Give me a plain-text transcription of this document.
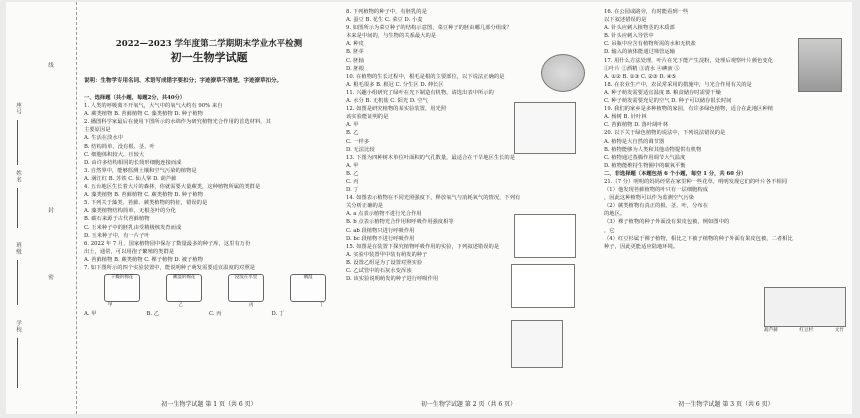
线
座号
姓名
封
班级
密
学校
2022—2023 学年度第二学期期末学业水平检测
初一生物学试题
说明：生物学专用名词、术语写成错字要扣分；字迹潦草不清楚，字迹潦草扣分。

一、选择题（共小题，每题2分，共40分）

1. 人类的呼吸离不开氧气，大气中的氧气大约有 90% 来自

A. 蕨类植物 B. 苔藓植物 C. 藻类植物 D. 种子植物

2. 播图科学家最后在使用下图所示的水绵作为研究植物光合作用的首选材料，其

主要原因是

A. 生活在淡水中

B. 结构简单，没有根、茎、叶

C. 细胞体积较大，且较大

D. 由许多结构相同的长筒形细胞连接而成

3. 自然界中，能够监测土壤和空气污染的植物是

A. 满江红 B. 苏铁 C. 仙人掌 D. 葫芦藓

4. 五台地区生长着大片的森林，你就需要大量蕨类，这种植物所属的类群是

A. 藻类植物 B. 苔藓植物 C. 蕨类植物 D. 种子植物

5. 下列关于藻类、苔藓、蕨类植物的特征，错误的是

A. 藻类植物结构简单，无根茎叶的分化

B. 碳石来源于古代苔藓植物

C. 玉米种子中的胚乳由受精极核发育而成

D. 玉米种子中，有一片子叶

6. 2022 年 7 月，国家植物园中保存了数量最多的种子库，这里有万份

出土，通常，可以用孢子繁殖的类群是

A. 苔藓植物 B. 蕨类植物 C. 裸子植物 D. 被子植物

7. 如下图所示的四个实验装置中，能说明种子萌发需要适宜温度的对照是

干燥的棉花	潮湿的棉花	浸没在水里	潮湿
甲	乙	丙	丁

A. 甲	B. 乙	C. 丙	D. 丁

初一生物学试题 第 1 页（共 6 页）

8. 下列植物的种子中，有胚乳的是

A. 蚕豆 B. 花生 C. 菜豆 D. 小麦

9. 如图所示为菜豆种子的结构示意图，菜豆种子的胚由哪几部分组成？

本来是中间的，与生物的关系最大的是

A. 种皮

B. 胚芽

C. 胚轴

D. 胚根

10. 在植物的生长过程中，根毛是根的主要部位，以下说法正确的是

A. 根毛很多 B. 根冠 C. 分生区 D. 伸长区

11. 兴趣小组研究了绿叶在光下制造有机物，请选出表中所示的

A. 水分 B. 无机盐 C. 阳光 D. 空气

12. 如图是研究植物的某实验装置，用光照

该实验能证明的是

A. 甲

B. 乙

C. 一样多

D. 无法比较

13. 下图为四种树木单位叶面积的气孔数量，最适合在干旱地区生长的是

A. 甲

B. 乙

C. 丙

D. 丁

14. 如图表示植物在不同光照强度下，释放氧气与消耗氧气的情况，下列有

关分析正确的是

A. a 点表示植物不进行光合作用

B. b 点表示植物光合作用和呼吸作用强度相等

C. ab 段植物只进行呼吸作用

D. bc 段植物不进行呼吸作用

15. 如图是在装置下探究植物呼吸作用的实验，下列叙述错误的是

A. 实验中装置甲中装有萌发的种子

B. 设置乙组是为了设置对照实验

C. 乙试管中的石灰水变浑浊

D. 该实验说明萌发的种子进行呼吸作用

初一生物学试题 第 2 页（共 6 页）

16. 在公园或路旁，有时能看到一些

以下叙述错误的是

A. 针头应刺入植物茎的木质部

B. 针头应刺入导管中

C. 吊瓶中应含有植物所需的水和无机盐

D. 输入的液体能通过筛管运输

17. 用什么方法处理，叶片在光下能产生淀粉，处理后观察叶片颜色变化

①叶片 ②酒精 ③清水 ④碘液 ⑤

A. ①② B. ①③ C. ②③ D. ④⑤

18. 在农业生产中，农民常采用的措施中，与光合作用有关的是

A. 种子萌发需要适宜温度 B. 粮食储存时需要干燥

C. 种子萌发需要充足的空气 D. 种子可以储存很长时间

19. 我们的家乡是多种植物的家园，有许多绿色植物，适合在此地区种植

A. 杨树 B. 针叶林

C. 苔藓植物 D. 落叶阔叶林

20. 以下关于绿色植物的说法中，下列说法错误的是

A. 植物是大自然的调节器

B. 植物能够为人类和其他动物提供有机物

C. 植物通过蒸腾作用调节大气温度

D. 植物能维持生物圈中的碳氧平衡

二、非选择题（本题包括 6 个小题，每空 1 分，共 60 分）

21.（7 分）明明的妈妈经常在家里种一些花草，明明发现它们的叶片各不相同

（1）他发现苔藓植物的叶只有一层细胞构成

，因此这种植物可以作为监测空气污染

（2）蕨类植物有真正的根、茎、叶，分布在

的地区。

（3）裸子植物的种子外面没有果皮包被，例如图中的

，它

（4）红豆杉属于裸子植物，相比之下被子植物的种子外面有果皮包被，二者相比

种子，因此更能适应陆地环境。

葫芦藓	红豆杉	文竹
初一生物学试题 第 3 页（共 6 页）
